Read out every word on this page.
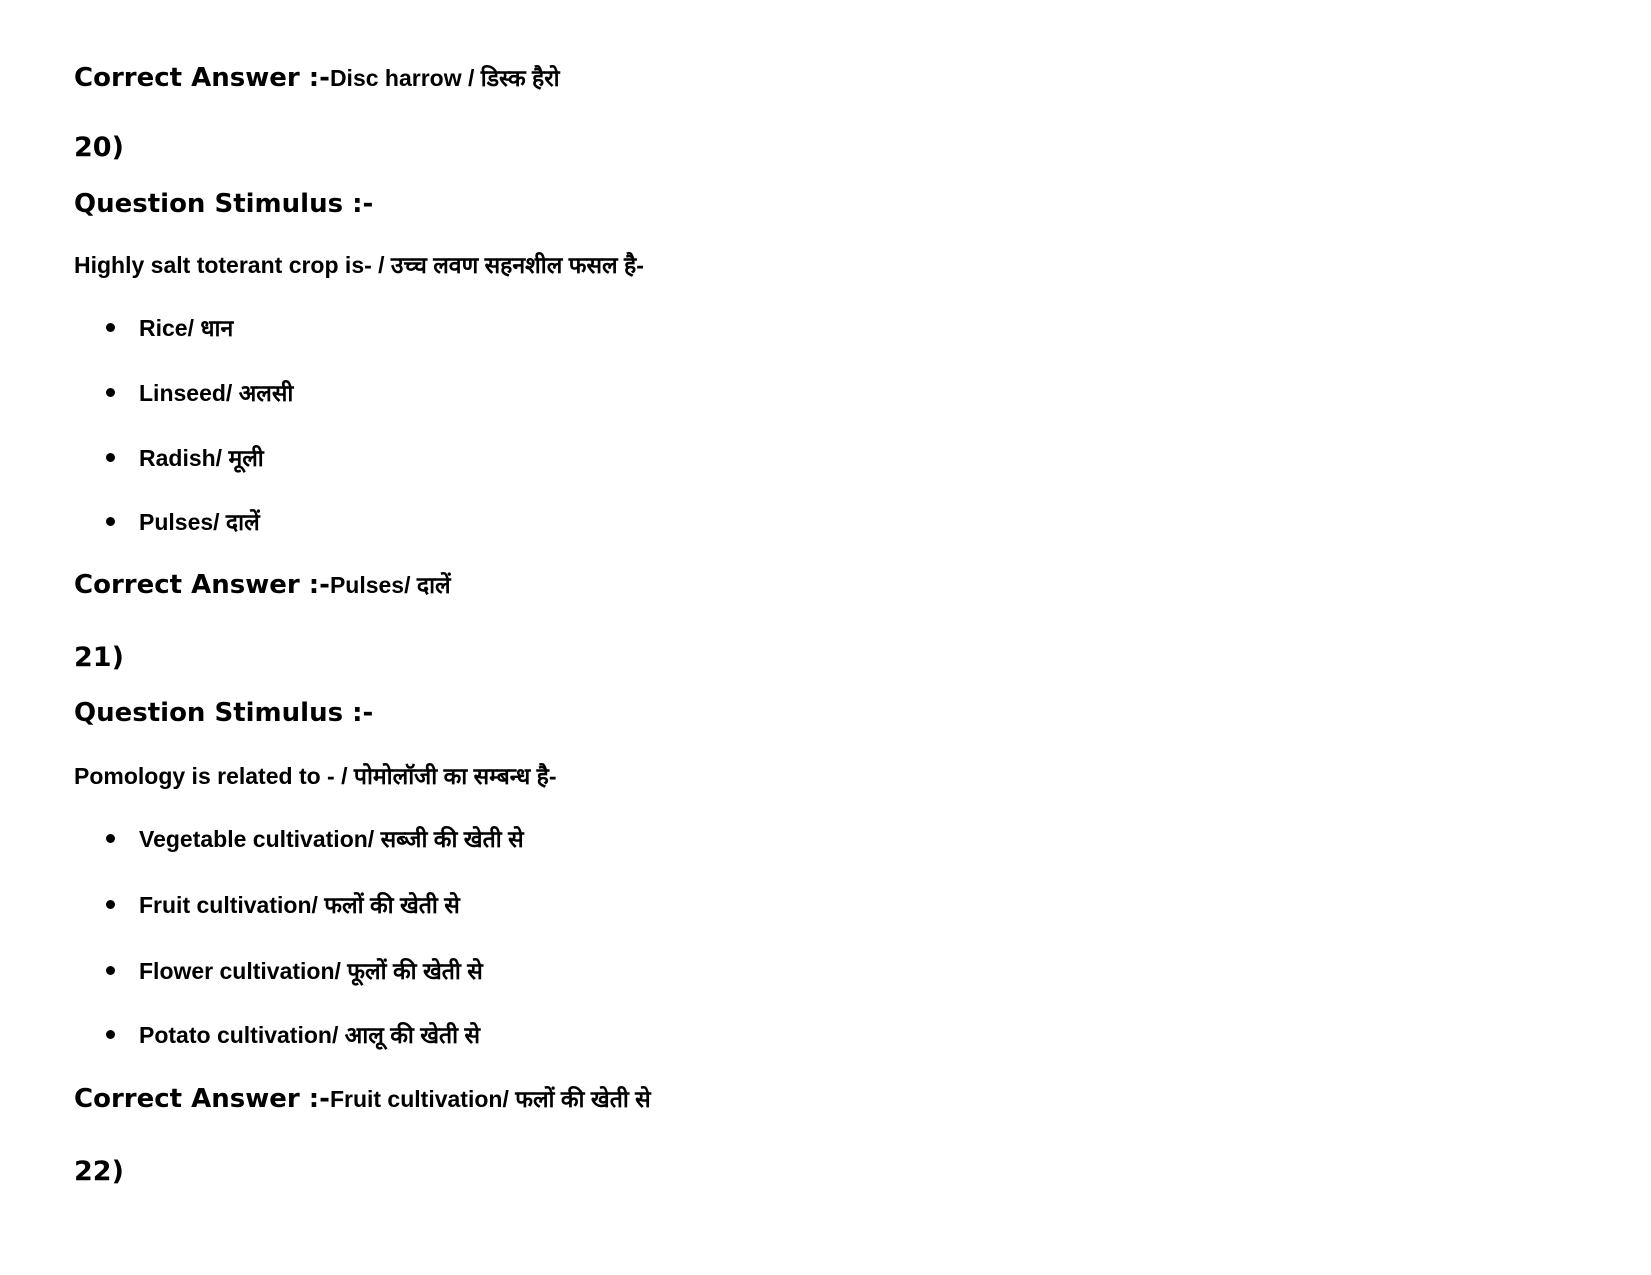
Correct Answer :-Disc harrow / डिस्क हैरो
20)
Question Stimulus :-
Highly salt toterant crop is- / उच्च लवण सहनशील फसल है-
Rice/ धान
Linseed/ अलसी
Radish/ मूली
Pulses/ दालें
Correct Answer :-Pulses/ दालें
21)
Question Stimulus :-
Pomology is related to - / पोमोलॉजी का सम्बन्ध है-
Vegetable cultivation/ सब्जी की खेती से
Fruit cultivation/ फलों की खेती से
Flower cultivation/ फूलों की खेती से
Potato cultivation/ आलू की खेती से
Correct Answer :-Fruit cultivation/ फलों की खेती से
22)
